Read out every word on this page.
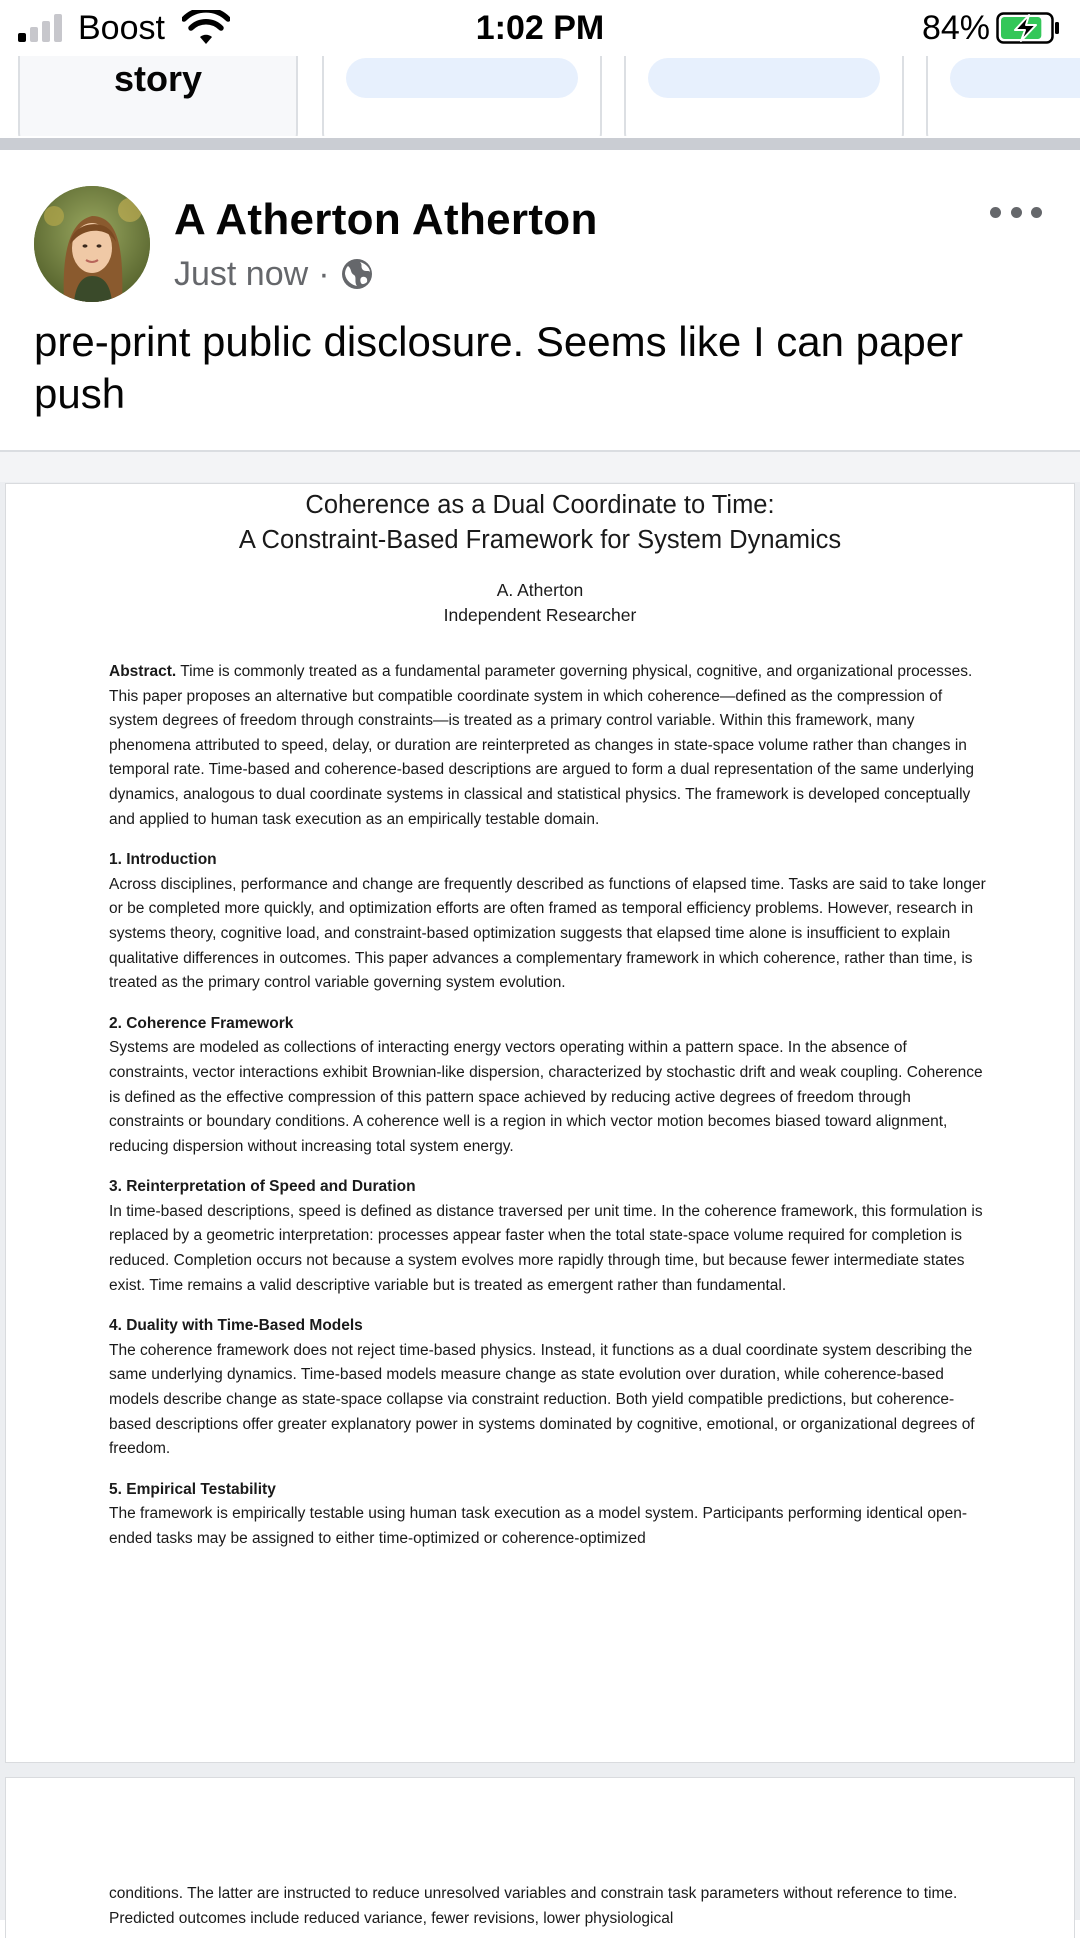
Boost	1:02 PM	84%
story
A Atherton Atherton
Just now ·
pre-print public disclosure. Seems like I can paper push
Coherence as a Dual Coordinate to Time:
A Constraint-Based Framework for System Dynamics
A. Atherton
Independent Researcher

Abstract. Time is commonly treated as a fundamental parameter governing physical, cognitive, and organizational processes. This paper proposes an alternative but compatible coordinate system in which coherence—defined as the compression of system degrees of freedom through constraints—is treated as a primary control variable. Within this framework, many phenomena attributed to speed, delay, or duration are reinterpreted as changes in state-space volume rather than changes in temporal rate. Time-based and coherence-based descriptions are argued to form a dual representation of the same underlying dynamics, analogous to dual coordinate systems in classical and statistical physics. The framework is developed conceptually and applied to human task execution as an empirically testable domain.

1. Introduction

Across disciplines, performance and change are frequently described as functions of elapsed time. Tasks are said to take longer or be completed more quickly, and optimization efforts are often framed as temporal efficiency problems. However, research in systems theory, cognitive load, and constraint-based optimization suggests that elapsed time alone is insufficient to explain qualitative differences in outcomes. This paper advances a complementary framework in which coherence, rather than time, is treated as the primary control variable governing system evolution.

2. Coherence Framework

Systems are modeled as collections of interacting energy vectors operating within a pattern space. In the absence of constraints, vector interactions exhibit Brownian-like dispersion, characterized by stochastic drift and weak coupling. Coherence is defined as the effective compression of this pattern space achieved by reducing active degrees of freedom through constraints or boundary conditions. A coherence well is a region in which vector motion becomes biased toward alignment, reducing dispersion without increasing total system energy.

3. Reinterpretation of Speed and Duration

In time-based descriptions, speed is defined as distance traversed per unit time. In the coherence framework, this formulation is replaced by a geometric interpretation: processes appear faster when the total state-space volume required for completion is reduced. Completion occurs not because a system evolves more rapidly through time, but because fewer intermediate states exist. Time remains a valid descriptive variable but is treated as emergent rather than fundamental.

4. Duality with Time-Based Models

The coherence framework does not reject time-based physics. Instead, it functions as a dual coordinate system describing the same underlying dynamics. Time-based models measure change as state evolution over duration, while coherence-based models describe change as state-space collapse via constraint reduction. Both yield compatible predictions, but coherence-based descriptions offer greater explanatory power in systems dominated by cognitive, emotional, or organizational degrees of freedom.

5. Empirical Testability

The framework is empirically testable using human task execution as a model system. Participants performing identical open-ended tasks may be assigned to either time-optimized or coherence-optimized

conditions. The latter are instructed to reduce unresolved variables and constrain task parameters without reference to time. Predicted outcomes include reduced variance, fewer revisions, lower physiological
